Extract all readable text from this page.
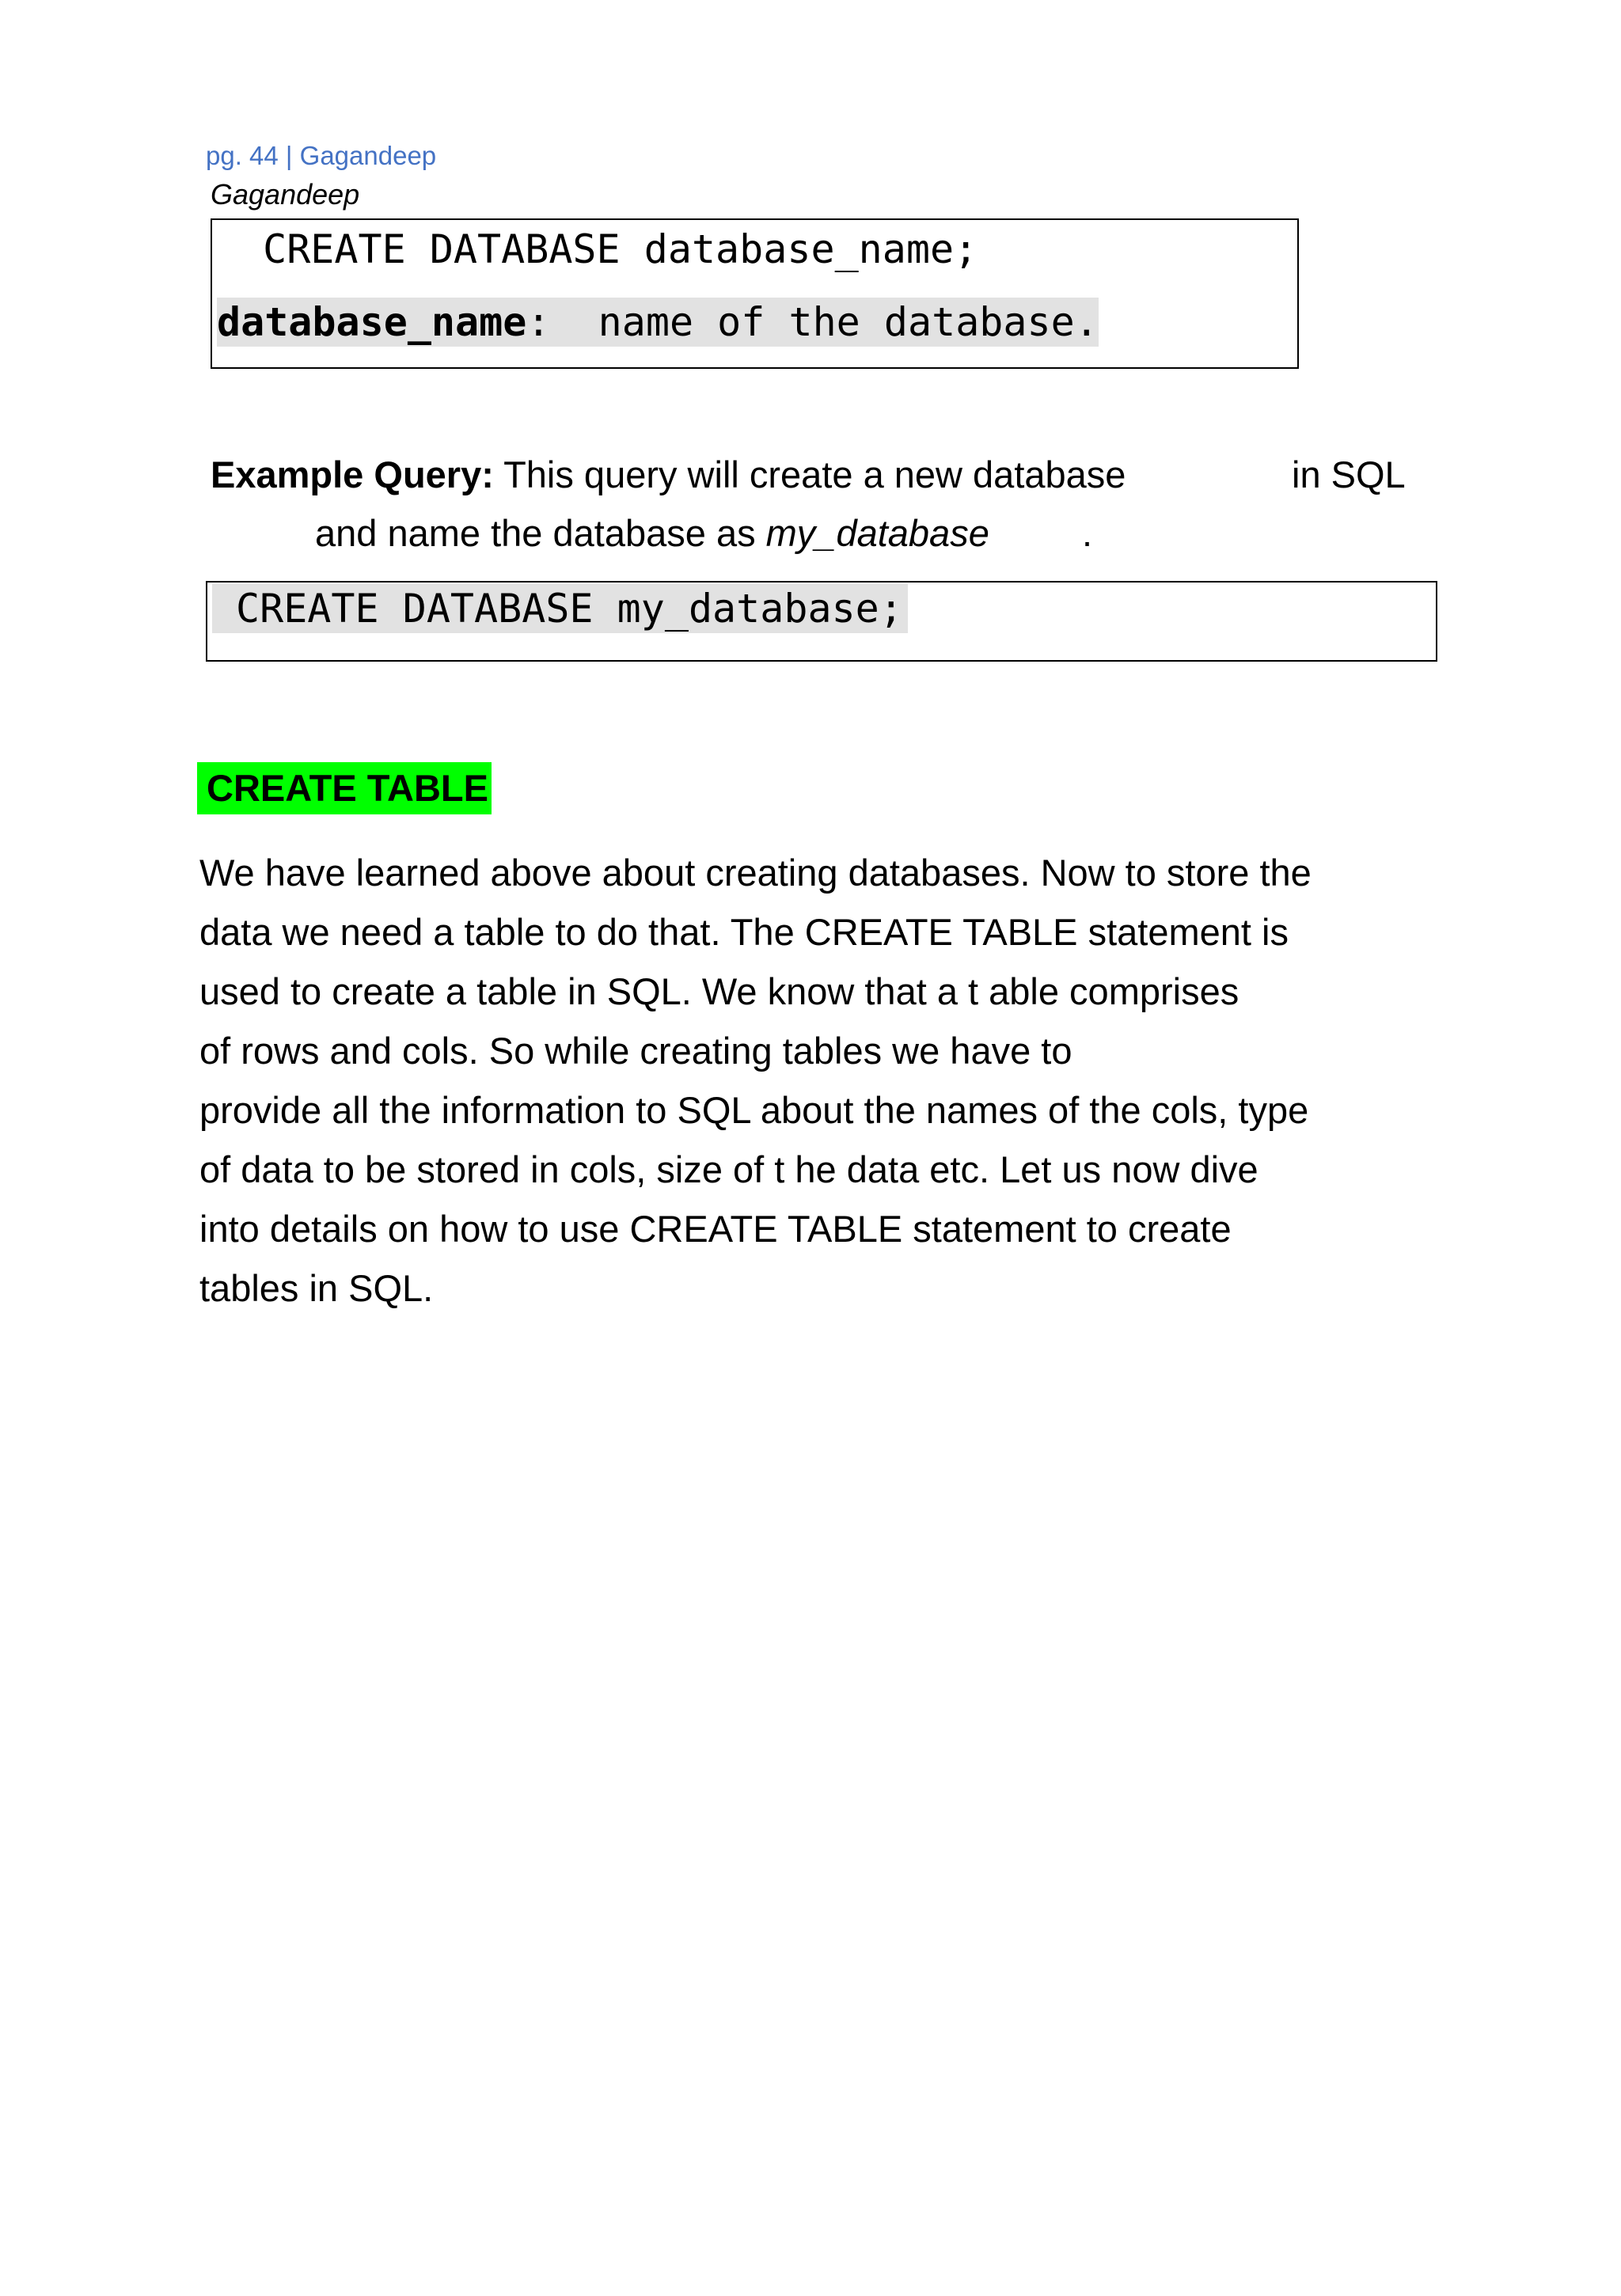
pg. 44 | Gagandeep
Gagandeep
CREATE DATABASE database_name;
database_name:  name of the database.
Example Query: This query will create a new database	in SQL
and name the database as my_database .
CREATE DATABASE my_database;
CREATE TABLE
We have learned above about creating databases. Now to store the
data we need a table to do that. The CREATE TABLE statement is
used to create a table in SQL. We know that a t able comprises
of rows and cols. So while creating tables we have to
provide all the information to SQL about the names of the cols, type
of data to be stored in cols, size of t he data etc. Let us now dive
into details on how to use CREATE TABLE statement to create
tables in SQL.
